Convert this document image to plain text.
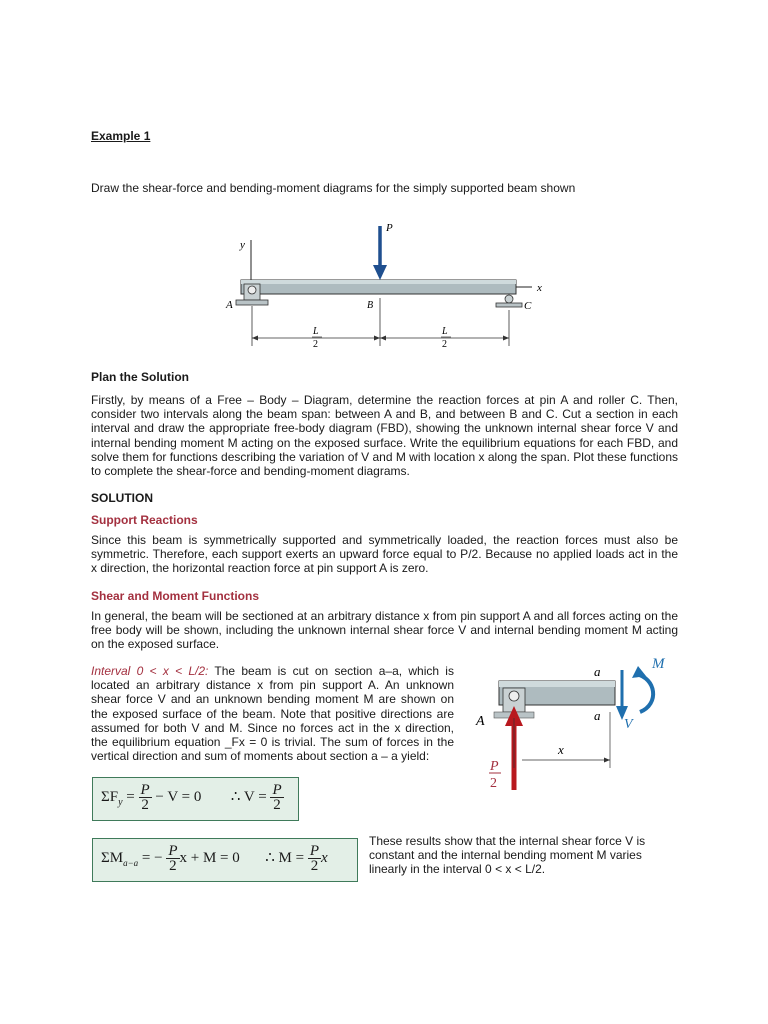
Example 1
Draw the shear-force and bending-moment diagrams for the simply supported beam shown
y
x
A	C
P
B
L
2
L
2
Plan the Solution
Firstly, by means of a Free – Body – Diagram, determine the reaction forces at pin A and roller C. Then, consider two intervals along the beam span: between A and B, and between B and C. Cut a section in each interval and draw the appropriate free-body diagram (FBD), showing the unknown internal shear force V and internal bending moment M acting on the exposed surface. Write the equilibrium equations for each FBD, and solve them for functions describing the variation of V and M with location x along the span. Plot these functions to complete the shear-force and bending-moment diagrams.
SOLUTION
Support Reactions
Since this beam is symmetrically supported and symmetrically loaded, the reaction forces must also be symmetric. Therefore, each support exerts an upward force equal to P/2. Because no applied loads act in the x direction, the horizontal reaction force at pin support A is zero.
Shear and Moment Functions
In general, the beam will be sectioned at an arbitrary distance x from pin support A and all forces acting on the free body will be shown, including the unknown internal shear force V and internal bending moment M acting on the exposed surface.
Interval 0 < x < L/2: The beam is cut on section a–a, which is located an arbitrary distance x from pin support A. An unknown shear force V and an unknown bending moment M are shown on the exposed surface of the beam. Note that positive directions are assumed for both V and M. Since no forces act in the x direction, the equilibrium equation _Fx = 0 is trivial. The sum of forces in the vertical direction and sum of moments about section a – a yield:
A
P
2
a
a
V
M
x
$\Sigma F_y = \frac{P}{2} - V = 0$ ∴ $V = \frac{P}{2}$
$\Sigma M_{a-a}$ = − $\frac{P}{2}$ x + M = 0 ∴ $M = \frac{P}{2}$ x
These results show that the internal shear force V is constant and the internal bending moment M varies linearly in the interval 0 < x < L/2.
